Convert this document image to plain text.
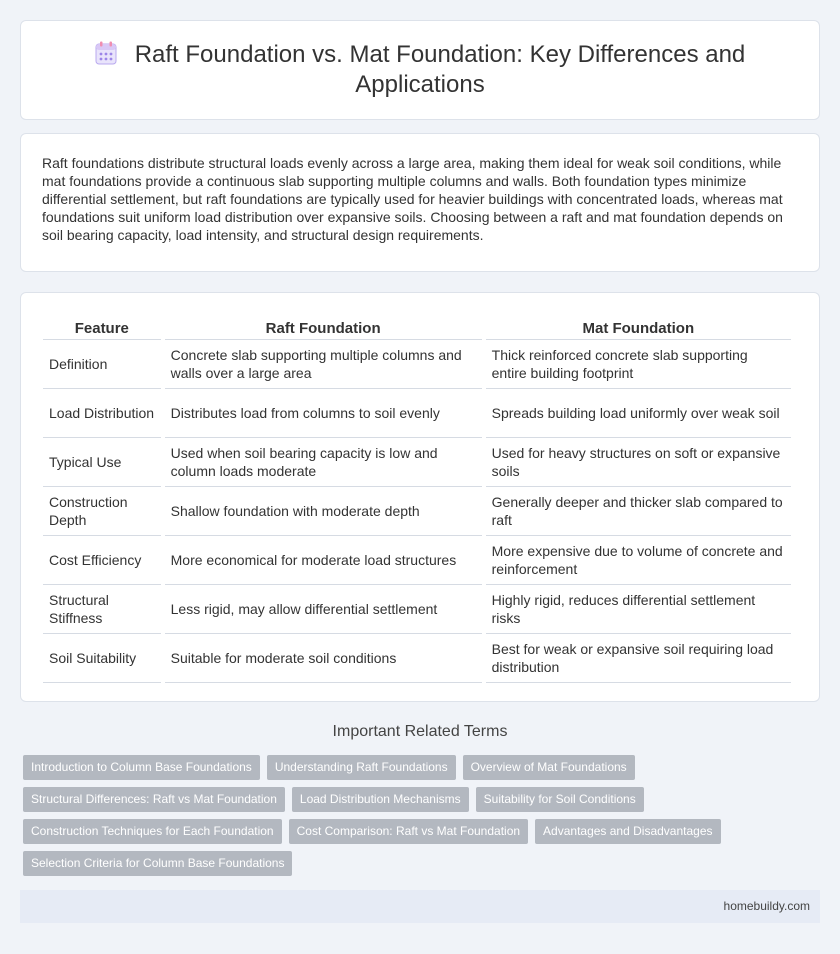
Raft Foundation vs. Mat Foundation: Key Differences and Applications

Raft foundations distribute structural loads evenly across a large area, making them ideal for weak soil conditions, while mat foundations provide a continuous slab supporting multiple columns and walls. Both foundation types minimize differential settlement, but raft foundations are typically used for heavier buildings with concentrated loads, whereas mat foundations suit uniform load distribution over expansive soils. Choosing between a raft and mat foundation depends on soil bearing capacity, load intensity, and structural design requirements.

Feature	Raft Foundation	Mat Foundation
Definition	Concrete slab supporting multiple columns and walls over a large area	Thick reinforced concrete slab supporting entire building footprint
Load Distribution	Distributes load from columns to soil evenly	Spreads building load uniformly over weak soil
Typical Use	Used when soil bearing capacity is low and column loads moderate	Used for heavy structures on soft or expansive soils
Construction Depth	Shallow foundation with moderate depth	Generally deeper and thicker slab compared to raft
Cost Efficiency	More economical for moderate load structures	More expensive due to volume of concrete and reinforcement
Structural Stiffness	Less rigid, may allow differential settlement	Highly rigid, reduces differential settlement risks
Soil Suitability	Suitable for moderate soil conditions	Best for weak or expansive soil requiring load distribution
Important Related Terms
Introduction to Column Base Foundations	Understanding Raft Foundations	Overview of Mat Foundations
Structural Differences: Raft vs Mat Foundation	Load Distribution Mechanisms	Suitability for Soil Conditions
Construction Techniques for Each Foundation	Cost Comparison: Raft vs Mat Foundation	Advantages and Disadvantages
Selection Criteria for Column Base Foundations
homebuildy.com
